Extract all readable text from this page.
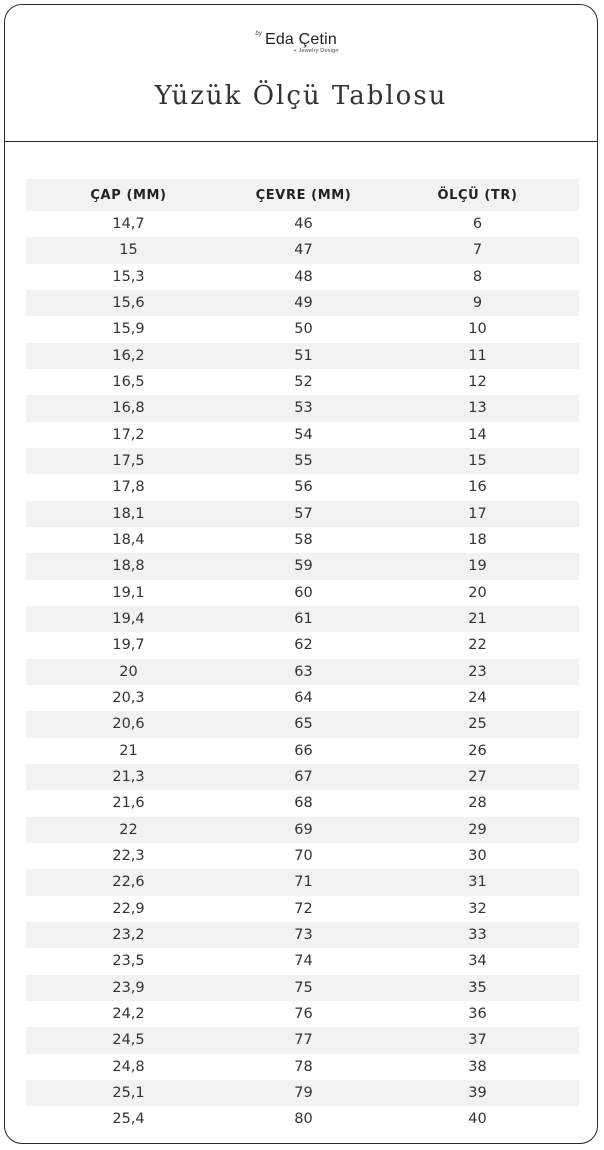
by Eda Çetin
+ Jewelry Design
Yüzük Ölçü Tablosu
ÇAP (MM)	ÇEVRE (MM)	ÖLÇÜ (TR)
14,7	46	6
15	47	7
15,3	48	8
15,6	49	9
15,9	50	10
16,2	51	11
16,5	52	12
16,8	53	13
17,2	54	14
17,5	55	15
17,8	56	16
18,1	57	17
18,4	58	18
18,8	59	19
19,1	60	20
19,4	61	21
19,7	62	22
20	63	23
20,3	64	24
20,6	65	25
21	66	26
21,3	67	27
21,6	68	28
22	69	29
22,3	70	30
22,6	71	31
22,9	72	32
23,2	73	33
23,5	74	34
23,9	75	35
24,2	76	36
24,5	77	37
24,8	78	38
25,1	79	39
25,4	80	40
